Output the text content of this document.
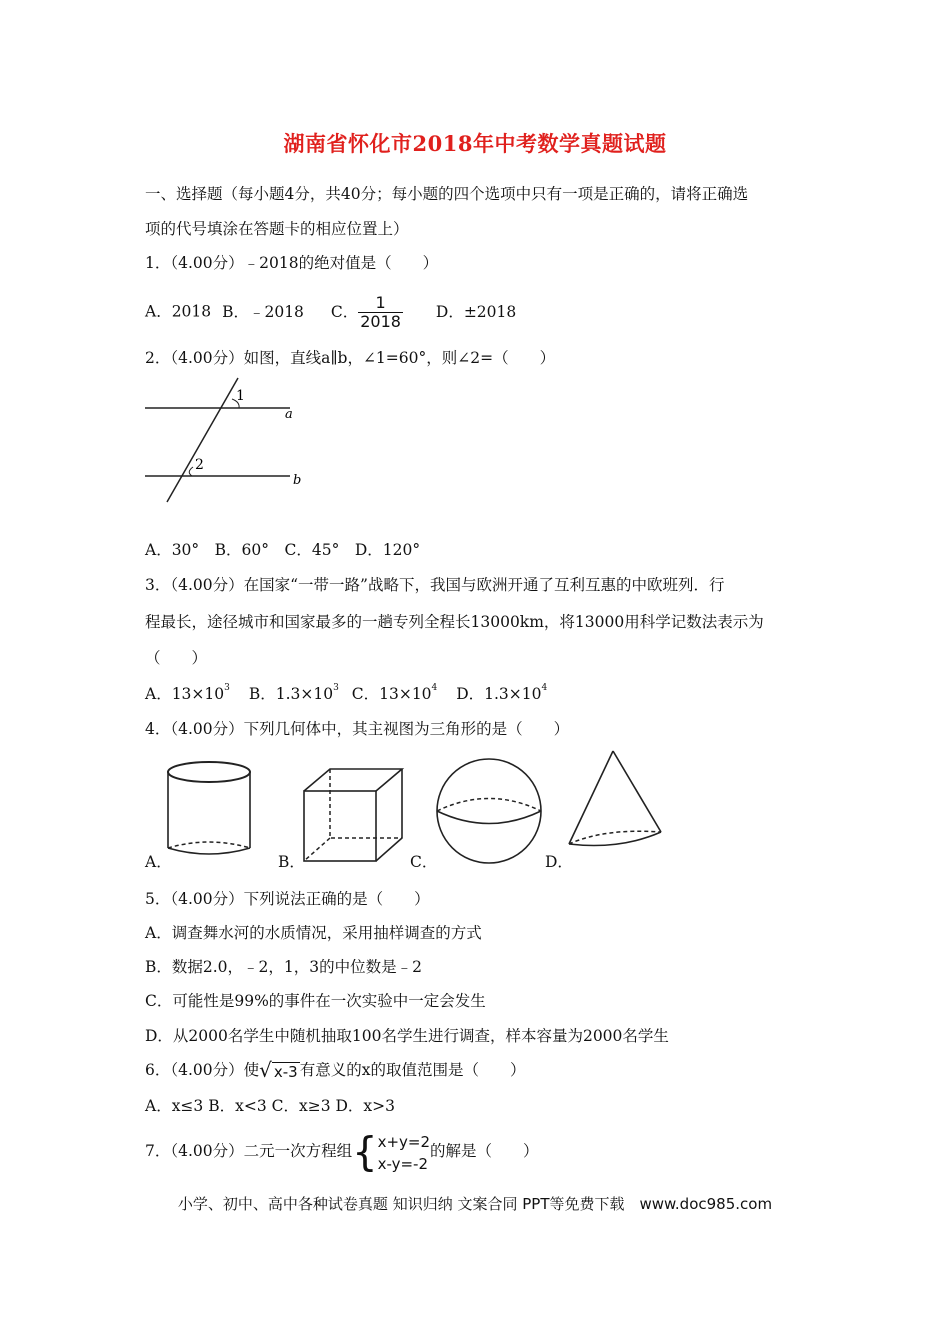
湖南省怀化市2018年中考数学真题试题
一、选择题（每小题4分，共40分；每小题的四个选项中只有一项是正确的，请将正确选
项的代号填涂在答题卡的相应位置上）
1．（4.00分）﹣2018的绝对值是（　　）
A．2018 B．﹣2018 C． $\frac{1}{2018}$ D．±2018
2．（4.00分）如图，直线a∥b，∠1=60°，则∠2=（　　）
1
2
a
b
A．30°　B．60°　C．45°　D．120°
3．（4.00分）在国家“一带一路”战略下，我国与欧洲开通了互利互惠的中欧班列．行
程最长，途径城市和国家最多的一趟专列全程长13000km，将13000用科学记数法表示为
（　　）
A．$13\times 10^3$ B．$1.3\times 10^3$ C．$13\times 10^4$ D．$1.3\times 10^4$
4．（4.00分）下列几何体中，其主视图为三角形的是（　　）
A．	B．	C．	D．
5．（4.00分）下列说法正确的是（　　）
A．调查舞水河的水质情况，采用抽样调查的方式
B．数据2.0，﹣2，1，3的中位数是﹣2
C．可能性是99%的事件在一次实验中一定会发生
D．从2000名学生中随机抽取100名学生进行调查，样本容量为2000名学生
6．（4.00分）使√ x-3 有意义的x的取值范围是（　　）
A．x≤3 B．x<3 C．x≥3 D．x>3
7．（4.00分）二元一次方程组{ x+y=2
x-y=-2
的解是（　　）
小学、初中、高中各种试卷真题 知识归纳 文案合同 PPT等免费下载　www.doc985.com
